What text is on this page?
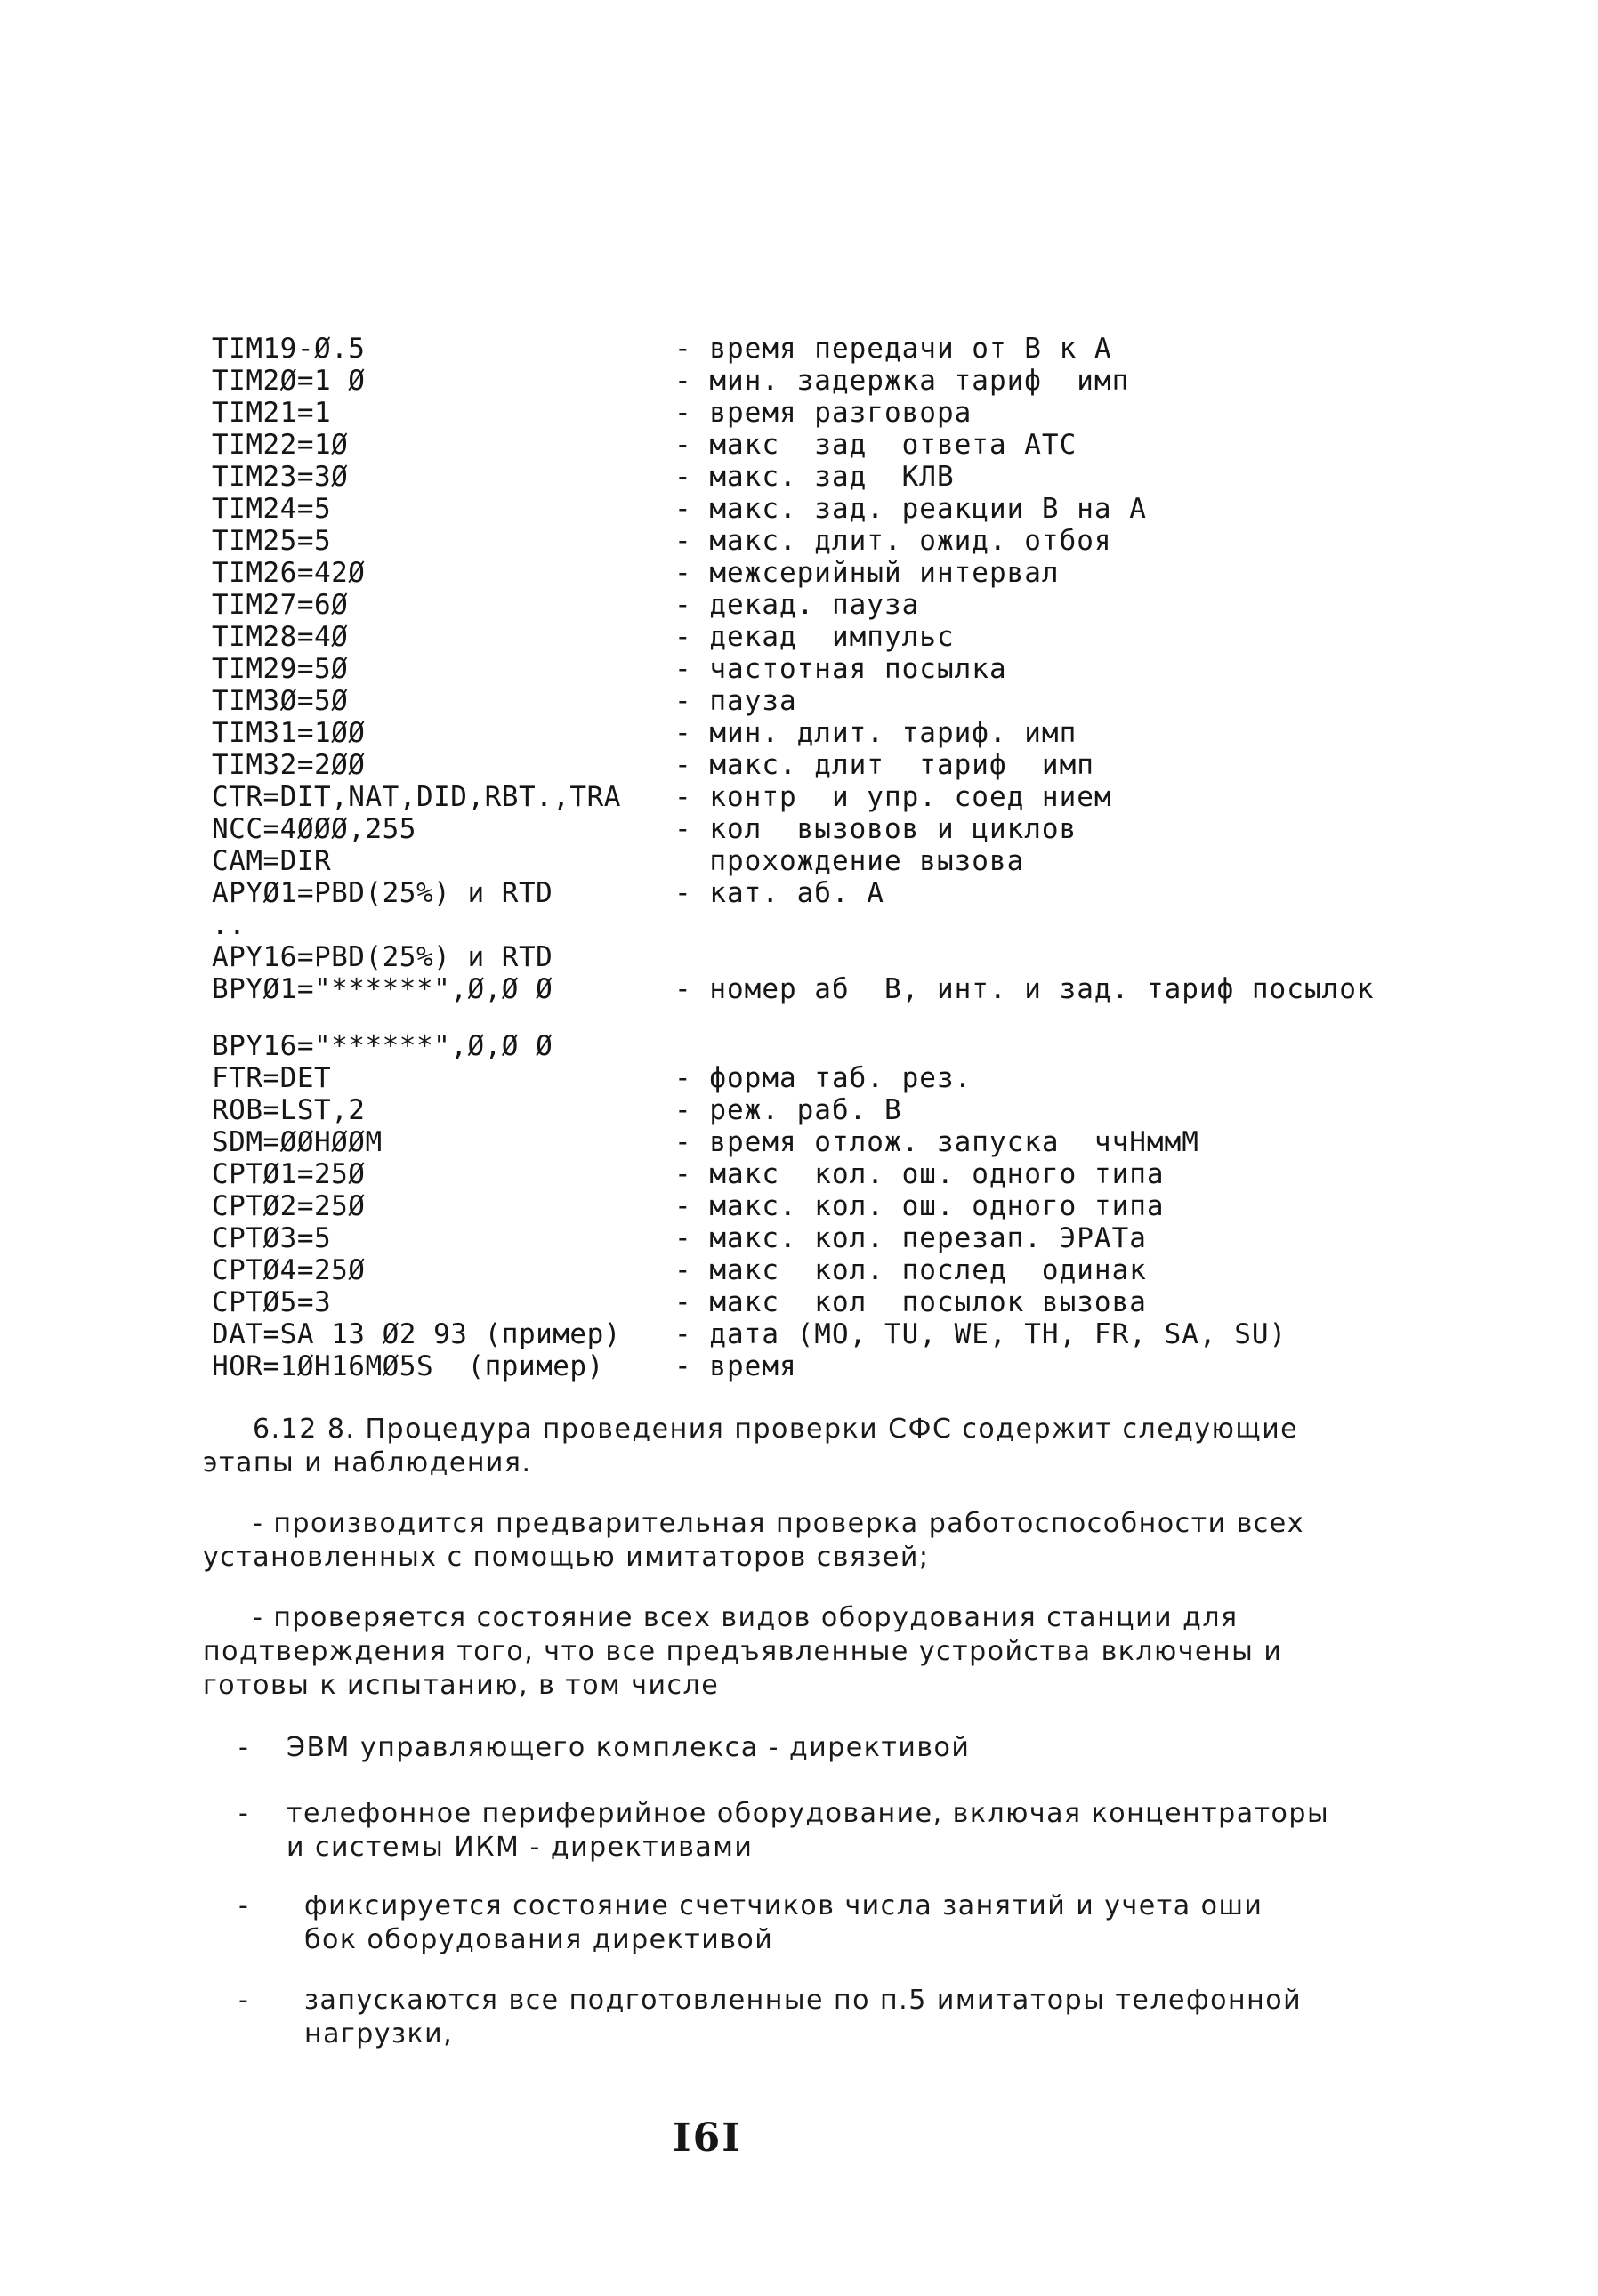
TIM19-Ø.5	- время передачи от В к А
TIM2Ø=1 Ø	- мин. задержка тариф  имп
TIM21=1	- время разговора
TIM22=1Ø	- макс  зад  ответа АТС
TIM23=3Ø	- макс. зад  КЛВ
TIM24=5	- макс. зад. реакции В на А
TIM25=5	- макс. длит. ожид. отбоя
TIM26=42Ø	- межсерийный интервал
TIM27=6Ø	- декад. пауза
TIM28=4Ø	- декад  импульс
TIM29=5Ø	- частотная посылка
TIM3Ø=5Ø	- пауза
TIM31=1ØØ	- мин. длит. тариф. имп
TIM32=2ØØ	- макс. длит  тариф  имп
CTR=DIT,NAT,DID,RBT.,TRA	- контр  и упр. соед нием
NCC=4ØØØ,255	- кол  вызовов и циклов
CAM=DIR	прохождение вызова
APYØ1=PBD(25%) и RTD	- кат. аб. А
..
APY16=PBD(25%) и RTD
BPYØ1="******",Ø,Ø Ø	- номер аб  В, инт. и зад. тариф посылок
BPY16="******",Ø,Ø Ø
FTR=DET	- форма таб. рез.
ROB=LST,2	- реж. раб. В
SDM=ØØHØØM	- время отлож. запуска  ччНммМ
CPTØ1=25Ø	- макс  кол. ош. одного типа
CPTØ2=25Ø	- макс. кол. ош. одного типа
CPTØ3=5	- макс. кол. перезап. ЭРАТа
CPTØ4=25Ø	- макс  кол. послед  одинак
CPTØ5=3	- макс  кол  посылок вызова
DAT=SA 13 Ø2 93 (пример)	- дата (MO, TU, WE, TH, FR, SA, SU)
HOR=1ØH16MØ5S  (пример)	- время
6.12 8. Процедура проведения проверки СФС содержит следующие
этапы и наблюдения.
- производится предварительная проверка работоспособности всех
установленных с помощью имитаторов связей;
- проверяется состояние всех видов оборудования станции для
подтверждения того, что все предъявленные устройства включены и
готовы к испытанию, в том числе
-	ЭВМ управляющего комплекса - директивой
-	телефонное периферийное оборудование, включая концентраторы
и системы ИКМ - директивами
-	фиксируется состояние счетчиков числа занятий и учета оши
бок оборудования директивой
-	запускаются все подготовленные по п.5 имитаторы телефонной
нагрузки,
I6I
